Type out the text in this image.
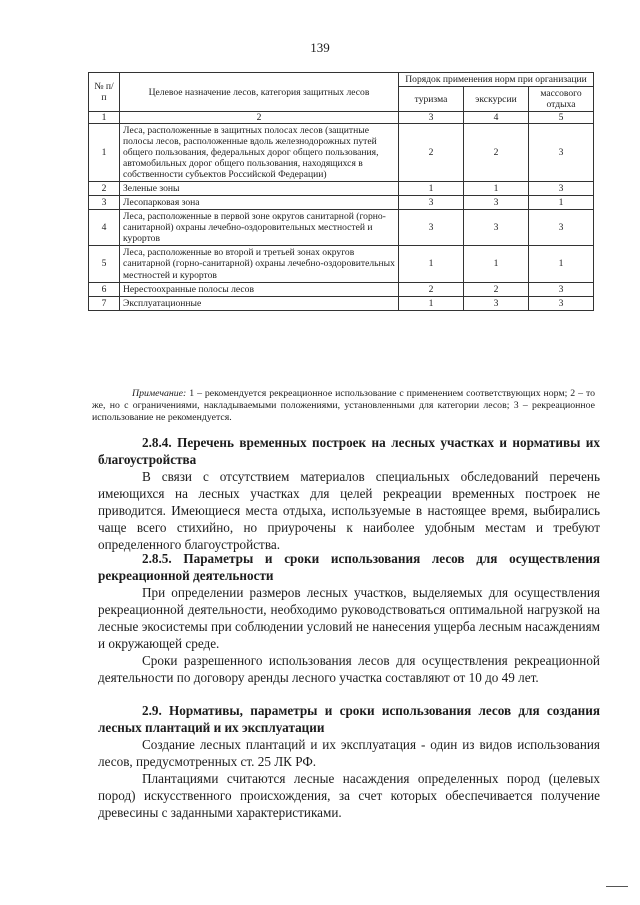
139
№ п/п	Целевое назначение лесов, категория защитных лесов	Порядок применения норм при организации		
		туризма	экскурсии	массового отдыха
1	2	3	4	5
1	Леса, расположенные в защитных полосах лесов (защитные полосы лесов, расположенные вдоль железнодорожных путей общего пользования, федеральных дорог общего пользования, автомобильных дорог общего пользования, находящихся в собственности субъектов Российской Федерации)	2	2	3
2	Зеленые зоны	1	1	3
3	Лесопарковая зона	3	3	1
4	Леса, расположенные в первой зоне округов санитарной (горно-санитарной) охраны лечебно-оздоровительных местностей и курортов	3	3	3
5	Леса, расположенные во второй и третьей зонах округов санитарной (горно-санитарной) охраны лечебно-оздоровительных местностей и курортов	1	1	1
6	Нерестоохранные полосы лесов	2	2	3
7	Эксплуатационные	1	3	3
Примечание: 1 – рекомендуется рекреационное использование с применением соответствующих норм; 2 – то же, но с ограничениями, накладываемыми положениями, установленными для категории лесов; 3 – рекреационное использование не рекомендуется.
2.8.4. Перечень временных построек на лесных участках и нормативы их благоустройства

В связи с отсутствием материалов специальных обследований перечень имеющихся на лесных участках для целей рекреации временных построек не приводится. Имеющиеся места отдыха, используемые в настоящее время, выбирались чаще всего стихийно, но приурочены к наиболее удобным местам и требуют определенного благоустройства.

2.8.5. Параметры и сроки использования лесов для осуществления рекреационной деятельности

При определении размеров лесных участков, выделяемых для осуществления рекреационной деятельности, необходимо руководствоваться оптимальной нагрузкой на лесные экосистемы при соблюдении условий не нанесения ущерба лесным насаждениям и окружающей среде.

Сроки разрешенного использования лесов для осуществления рекреационной деятельности по договору аренды лесного участка составляют от 10 до 49 лет.

2.9. Нормативы, параметры и сроки использования лесов для создания лесных плантаций и их эксплуатации

Создание лесных плантаций и их эксплуатация - один из видов использования лесов, предусмотренных ст. 25 ЛК РФ.

Плантациями считаются лесные насаждения определенных пород (целевых пород) искусственного происхождения, за счет которых обеспечивается получение древесины с заданными характеристиками.
